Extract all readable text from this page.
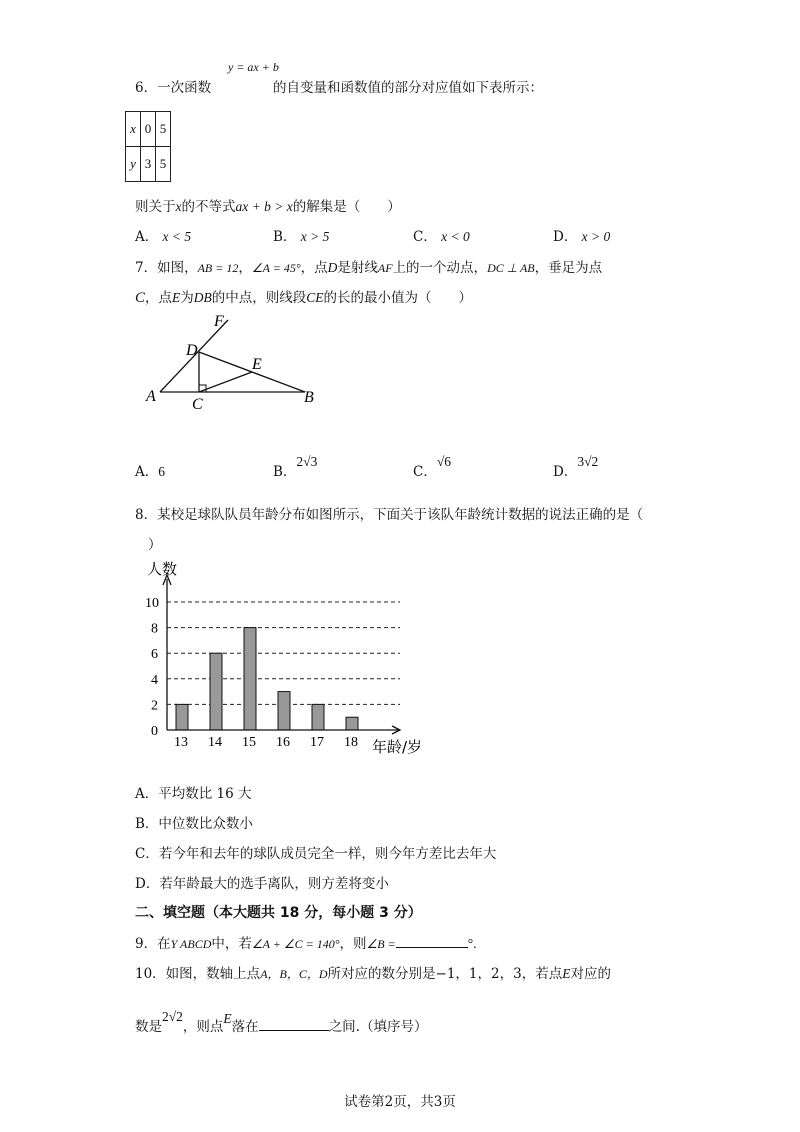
6．一次函数
y = ax + b
的自变量和函数值的部分对应值如下表所示：
x	0	5
y	3	5
则关于x的不等式ax + b > x的解集是（　　）
A． x < 5	B． x > 5	C． x < 0	D． x > 0
7．如图，AB = 12，∠A = 45°，点D是射线AF上的一个动点，DC ⊥ AB，垂足为点
C，点E为DB的中点，则线段CE的长的最小值为（　　）
F
D
E
A C	B
A．6	B．2√3
C．√6
D．3√2
8．某校足球队队员年龄分布如图所示，下面关于该队年龄统计数据的说法正确的是（
）
人数
年龄/岁
0
2
4
6
8
10
13 14 15 16 17 18
A．平均数比 16 大
B．中位数比众数小
C．若今年和去年的球队成员完全一样，则今年方差比去年大
D．若年龄最大的选手离队，则方差将变小
二、填空题（本大题共 18 分，每小题 3 分）
9．在Y ABCD中，若∠A + ∠C = 140°，则∠B =	°.
10．如图，数轴上点A，B，C，D所对应的数分别是−1，1，2，3，若点E对应的
数是2√2，则点E落在	之间.（填序号）
试卷第2页，共3页
